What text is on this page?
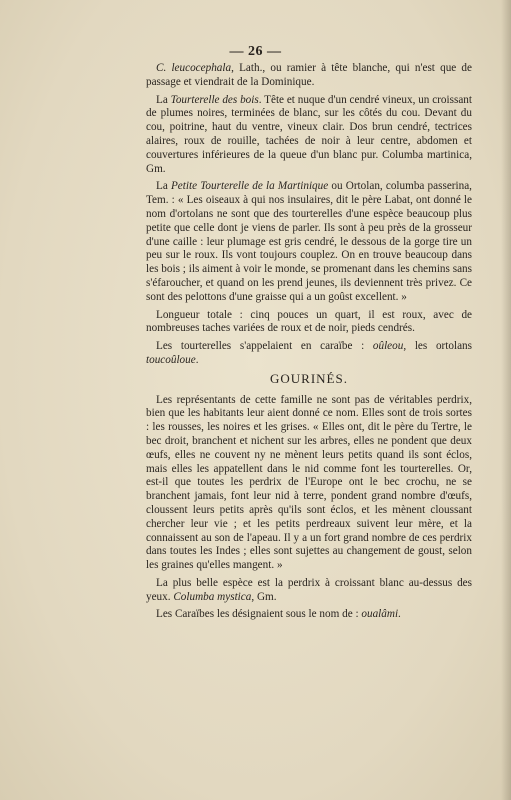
— 26 —

C. leucocephala, Lath., ou ramier à tête blanche, qui n'est que de passage et viendrait de la Dominique.

La Tourterelle des bois. Tête et nuque d'un cendré vineux, un croissant de plumes noires, terminées de blanc, sur les côtés du cou. Devant du cou, poitrine, haut du ventre, vineux clair. Dos brun cendré, tectrices alaires, roux de rouille, tachées de noir à leur centre, abdomen et couvertures inférieures de la queue d'un blanc pur. Columba martinica, Gm.

La Petite Tourterelle de la Martinique ou Ortolan, columba passerina, Tem. : « Les oiseaux à qui nos insulaires, dit le père Labat, ont donné le nom d'ortolans ne sont que des tourterelles d'une espèce beaucoup plus petite que celle dont je viens de parler. Ils sont à peu près de la grosseur d'une caille : leur plumage est gris cendré, le dessous de la gorge tire un peu sur le roux. Ils vont toujours couplez. On en trouve beaucoup dans les bois ; ils aiment à voir le monde, se promenant dans les chemins sans s'éfaroucher, et quand on les prend jeunes, ils deviennent très privez. Ce sont des pelottons d'une graisse qui a un goûst excellent. »

Longueur totale : cinq pouces un quart, il est roux, avec de nombreuses taches variées de roux et de noir, pieds cendrés.

Les tourterelles s'appelaient en caraïbe : oûleou, les ortolans toucoûloue.

GOURINÉS.

Les représentants de cette famille ne sont pas de véritables perdrix, bien que les habitants leur aient donné ce nom. Elles sont de trois sortes : les rousses, les noires et les grises. « Elles ont, dit le père du Tertre, le bec droit, branchent et nichent sur les arbres, elles ne pondent que deux œufs, elles ne couvent ny ne mènent leurs petits quand ils sont éclos, mais elles les appatellent dans le nid comme font les tourterelles. Or, est-il que toutes les perdrix de l'Europe ont le bec crochu, ne se branchent jamais, font leur nid à terre, pondent grand nombre d'œufs, cloussent leurs petits après qu'ils sont éclos, et les mènent cloussant chercher leur vie ; et les petits perdreaux suivent leur mère, et la connaissent au son de l'apeau. Il y a un fort grand nombre de ces perdrix dans toutes les Indes ; elles sont sujettes au changement de goust, selon les graines qu'elles mangent. »

La plus belle espèce est la perdrix à croissant blanc au-dessus des yeux. Columba mystica, Gm.

Les Caraïbes les désignaient sous le nom de : oualâmi.
